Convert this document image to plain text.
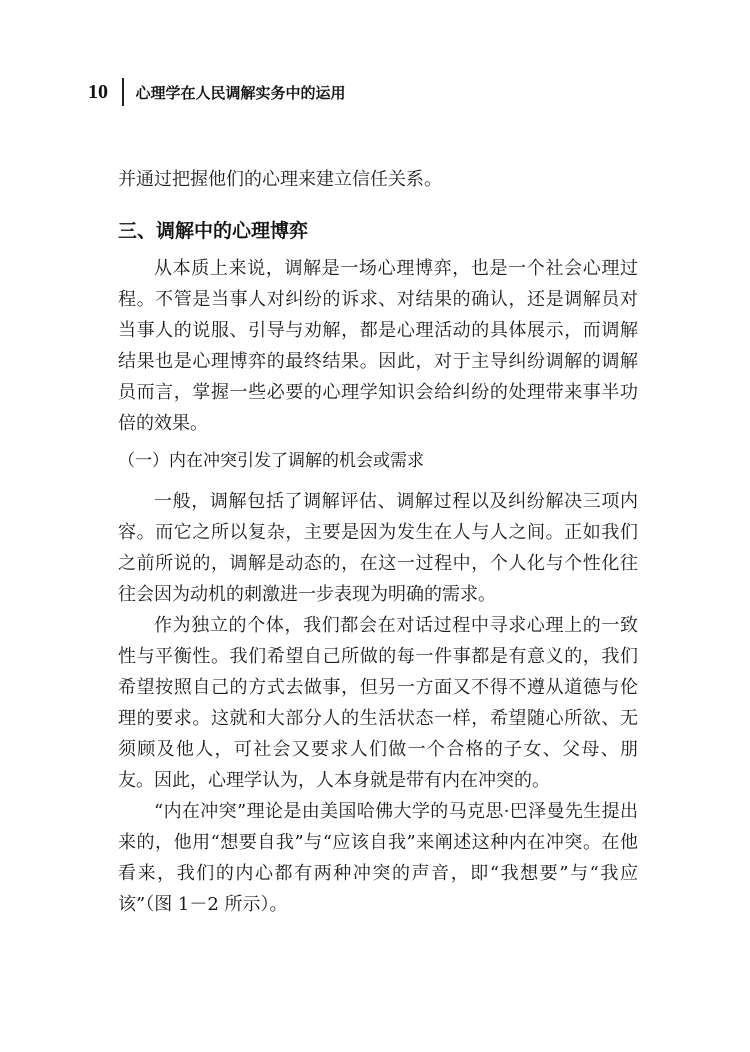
10 心理学在人民调解实务中的运用
并通过把握他们的心理来建立信任关系。
三、调解中的心理博弈

从本质上来说，调解是一场心理博弈，也是一个社会心理过程。不管是当事人对纠纷的诉求、对结果的确认，还是调解员对当事人的说服、引导与劝解，都是心理活动的具体展示，而调解结果也是心理博弈的最终结果。因此，对于主导纠纷调解的调解员而言，掌握一些必要的心理学知识会给纠纷的处理带来事半功倍的效果。

（一）内在冲突引发了调解的机会或需求

一般，调解包括了调解评估、调解过程以及纠纷解决三项内容。而它之所以复杂，主要是因为发生在人与人之间。正如我们之前所说的，调解是动态的，在这一过程中，个人化与个性化往往会因为动机的刺激进一步表现为明确的需求。

作为独立的个体，我们都会在对话过程中寻求心理上的一致性与平衡性。我们希望自己所做的每一件事都是有意义的，我们希望按照自己的方式去做事，但另一方面又不得不遵从道德与伦理的要求。这就和大部分人的生活状态一样，希望随心所欲、无须顾及他人，可社会又要求人们做一个合格的子女、父母、朋友。因此，心理学认为，人本身就是带有内在冲突的。

“内在冲突”理论是由美国哈佛大学的马克思·巴泽曼先生提出来的，他用“想要自我”与“应该自我”来阐述这种内在冲突。在他看来，我们的内心都有两种冲突的声音，即“我想要”与“我应该”（图 1－2 所示）。
